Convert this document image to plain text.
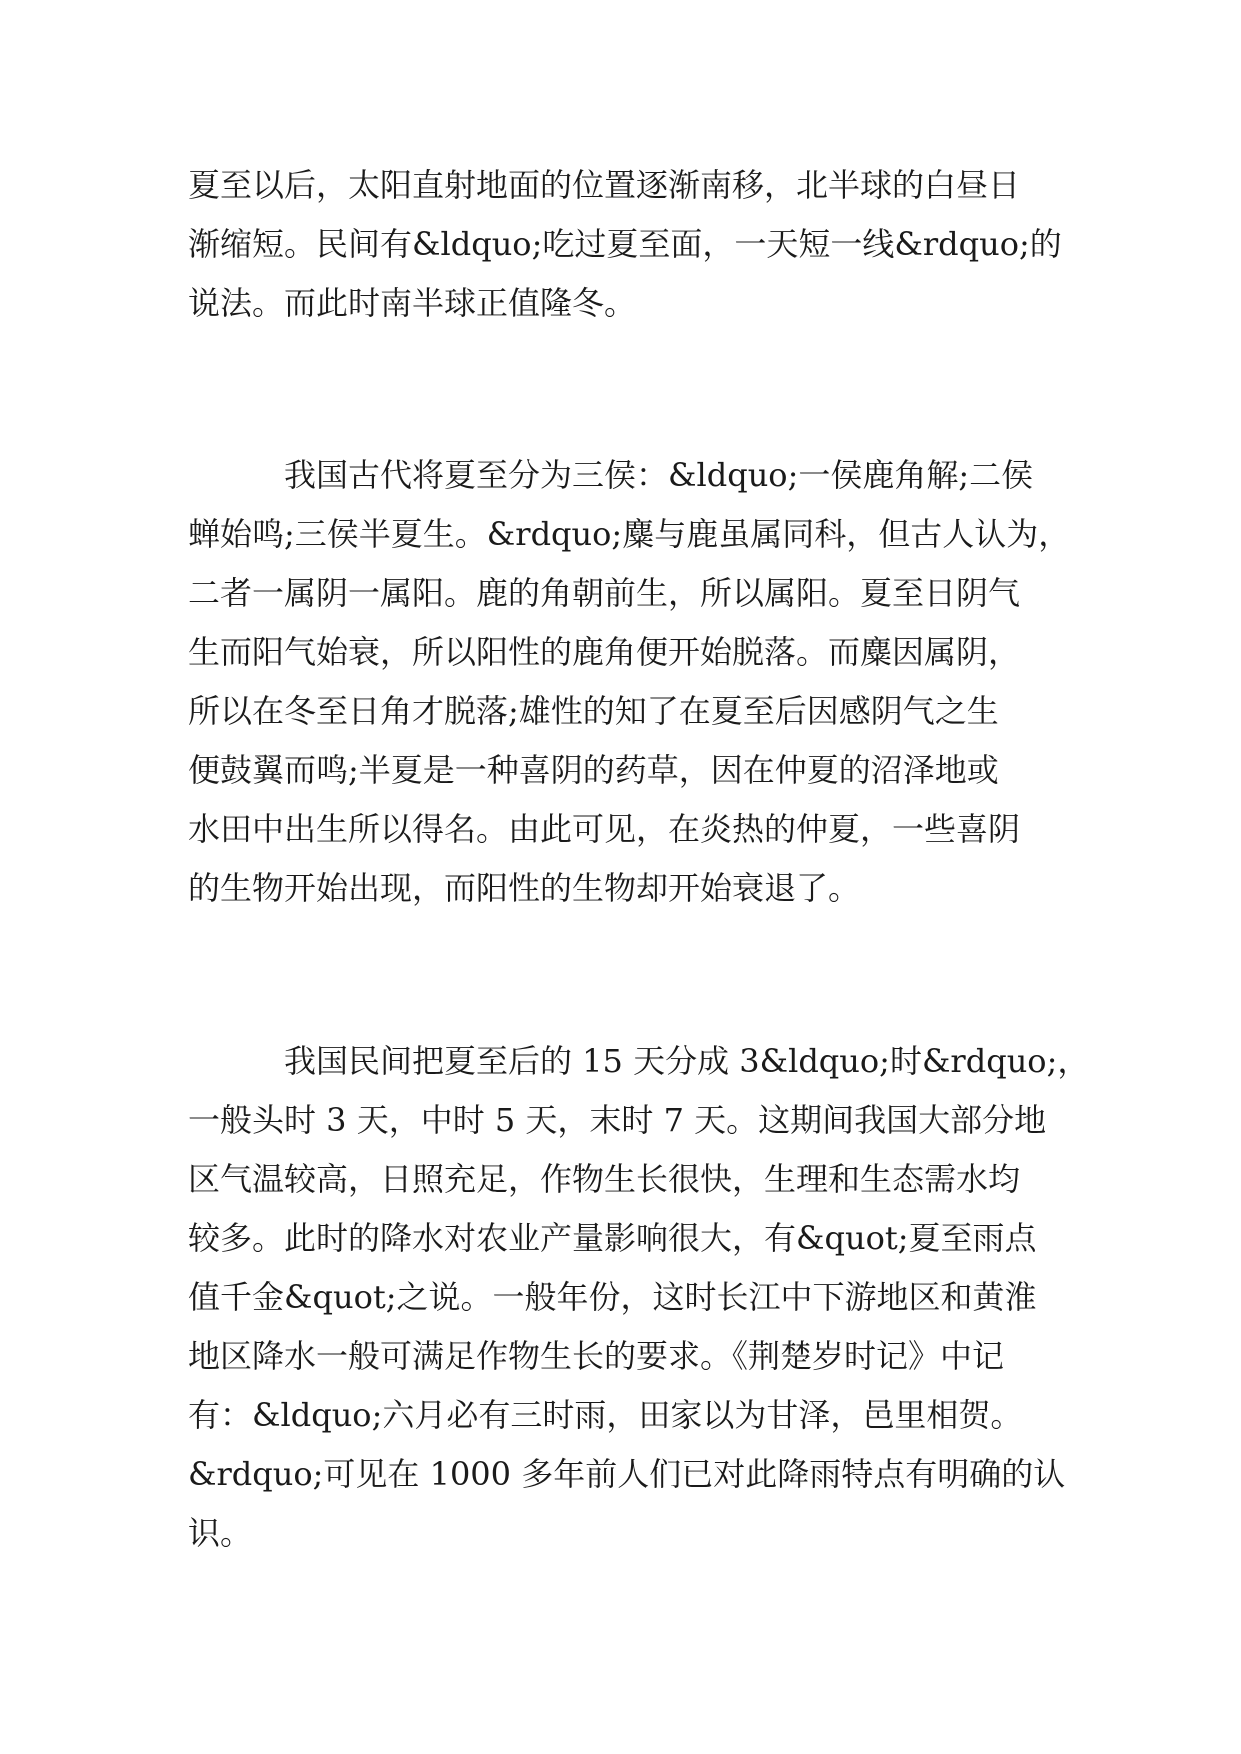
夏至以后，太阳直射地面的位置逐渐南移，北半球的白昼日
渐缩短。民间有&ldquo;吃过夏至面，一天短一线&rdquo;的
说法。而此时南半球正值隆冬。

　　　我国古代将夏至分为三侯：&ldquo;一侯鹿角解;二侯
蝉始鸣;三侯半夏生。&rdquo;麋与鹿虽属同科，但古人认为，
二者一属阴一属阳。鹿的角朝前生，所以属阳。夏至日阴气
生而阳气始衰，所以阳性的鹿角便开始脱落。而麋因属阴，
所以在冬至日角才脱落;雄性的知了在夏至后因感阴气之生
便鼓翼而鸣;半夏是一种喜阴的药草，因在仲夏的沼泽地或
水田中出生所以得名。由此可见，在炎热的仲夏，一些喜阴
的生物开始出现，而阳性的生物却开始衰退了。

　　　我国民间把夏至后的 15 天分成 3&ldquo;时&rdquo;，
一般头时 3 天，中时 5 天，末时 7 天。这期间我国大部分地
区气温较高，日照充足，作物生长很快，生理和生态需水均
较多。此时的降水对农业产量影响很大，有&quot;夏至雨点
值千金&quot;之说。一般年份，这时长江中下游地区和黄淮
地区降水一般可满足作物生长的要求。《荆楚岁时记》中记
有：&ldquo;六月必有三时雨，田家以为甘泽，邑里相贺。
&rdquo;可见在 1000 多年前人们已对此降雨特点有明确的认
识。
